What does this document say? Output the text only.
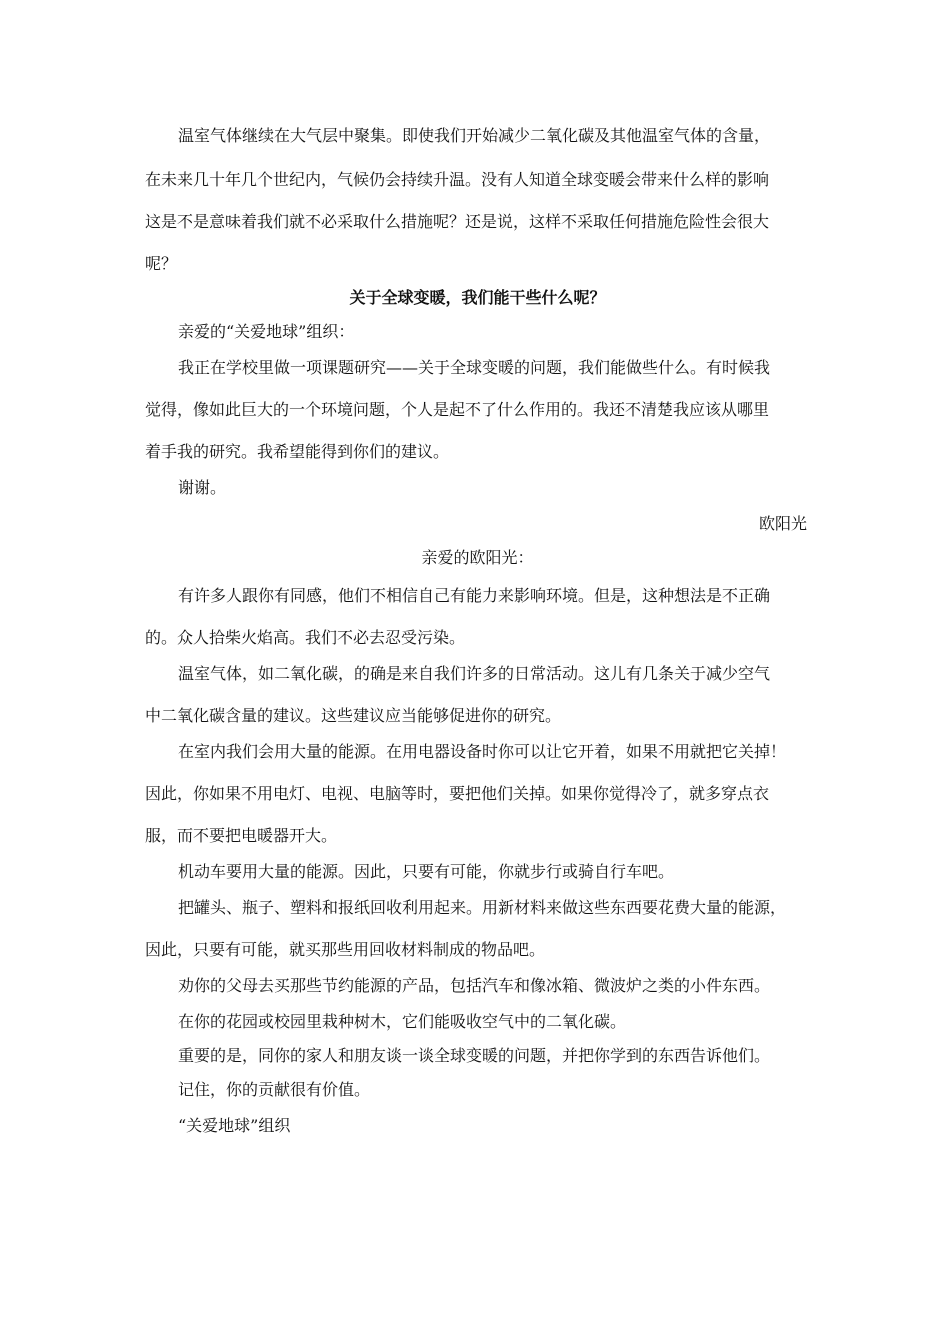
温室气体继续在大气层中聚集。即使我们开始减少二氧化碳及其他温室气体的含量，
在未来几十年几个世纪内，气候仍会持续升温。没有人知道全球变暖会带来什么样的影响
这是不是意味着我们就不必采取什么措施呢？还是说，这样不采取任何措施危险性会很大
呢？
关于全球变暖，我们能干些什么呢？
亲爱的“关爱地球”组织：
我正在学校里做一项课题研究——关于全球变暖的问题，我们能做些什么。有时候我
觉得，像如此巨大的一个环境问题，个人是起不了什么作用的。我还不清楚我应该从哪里
着手我的研究。我希望能得到你们的建议。
谢谢。
欧阳光
亲爱的欧阳光：
有许多人跟你有同感，他们不相信自己有能力来影响环境。但是，这种想法是不正确
的。众人拾柴火焰高。我们不必去忍受污染。
温室气体，如二氧化碳，的确是来自我们许多的日常活动。这儿有几条关于减少空气
中二氧化碳含量的建议。这些建议应当能够促进你的研究。
在室内我们会用大量的能源。在用电器设备时你可以让它开着，如果不用就把它关掉！
因此，你如果不用电灯、电视、电脑等时，要把他们关掉。如果你觉得冷了，就多穿点衣
服，而不要把电暖器开大。
机动车要用大量的能源。因此，只要有可能，你就步行或骑自行车吧。
把罐头、瓶子、塑料和报纸回收利用起来。用新材料来做这些东西要花费大量的能源，
因此，只要有可能，就买那些用回收材料制成的物品吧。
劝你的父母去买那些节约能源的产品，包括汽车和像冰箱、微波炉之类的小件东西。
在你的花园或校园里栽种树木，它们能吸收空气中的二氧化碳。
重要的是，同你的家人和朋友谈一谈全球变暖的问题，并把你学到的东西告诉他们。
记住，你的贡献很有价值。
“关爱地球”组织
